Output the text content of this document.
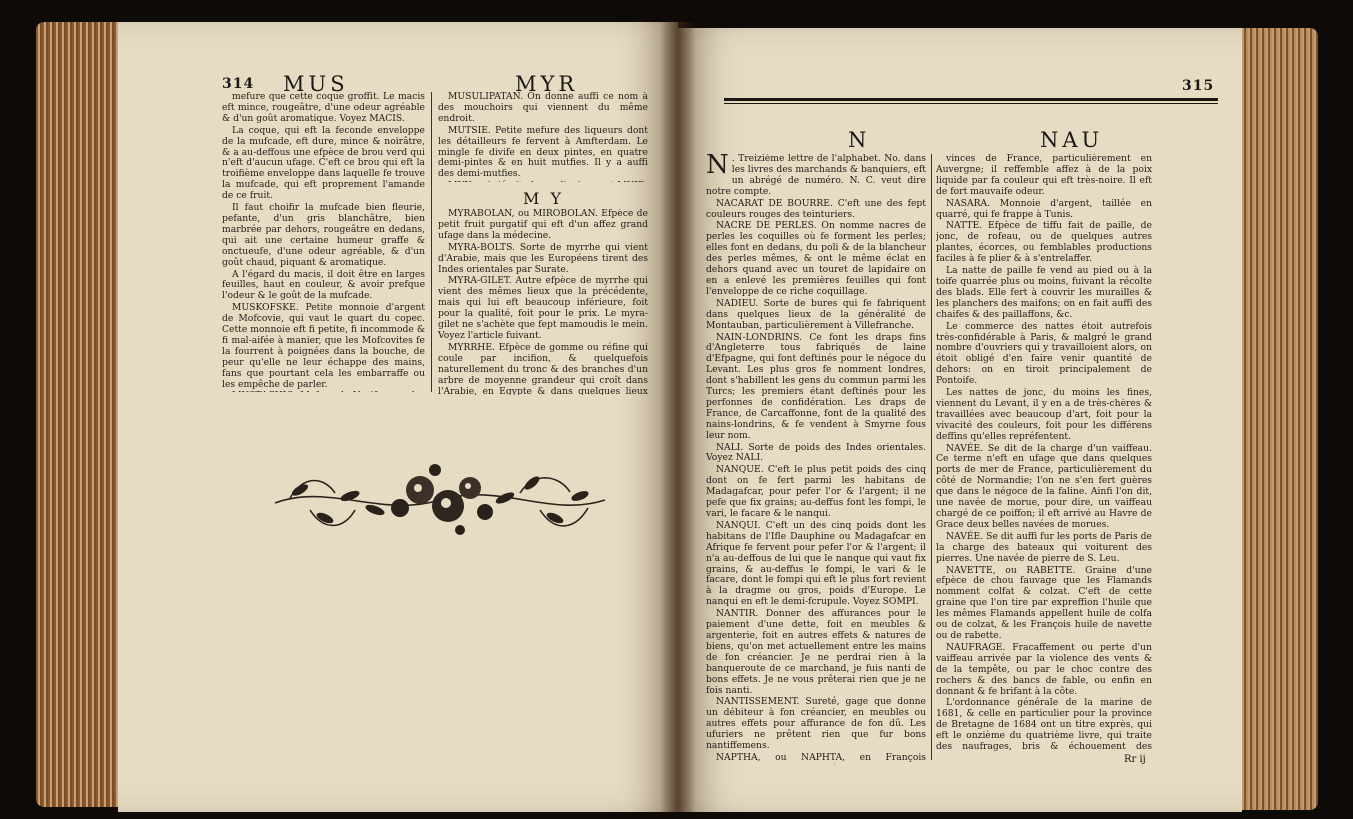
314 MUS	MYR

mefure que cette coque groffit. Le macis eft mince, rougeâtre, d'une odeur agréable & d'un goût aromatique. Voyez MACIS.

La coque, qui eft la feconde enveloppe de la mufcade, eft dure, mince & noirâtre, & a au-deffous une efpèce de brou verd qui n'eft d'aucun ufage. C'eft ce brou qui eft la troifième enveloppe dans laquelle fe trouve la mufcade, qui eft proprement l'amande de ce fruit.

Il faut choifir la mufcade bien fleurie, pefante, d'un gris blanchâtre, bien marbrée par dehors, rougeâtre en dedans, qui ait une certaine humeur graffe & onctueufe, d'une odeur agréable, & d'un goût chaud, piquant & aromatique.

A l'égard du macis, il doit être en larges feuilles, haut en couleur, & avoir prefque l'odeur & le goût de la mufcade.

MUSKOFSKE. Petite monnoie d'argent de Mofcovie, qui vaut le quart du copec. Cette monnoie eft fi petite, fi incommode & fi mal-aifée à manier, que les Mofcovites fe la fourrent à poignées dans la bouche, de peur qu'elle ne leur échappe des mains, fans que pourtant cela les embarraffe ou les empêche de parler.

MUSULIPATAN. On donne auffi ce nom à des mouchoirs qui viennent du même endroit.

MUTSIE. Petite mefure des liqueurs dont les détailleurs fe fervent à Amfterdam. Le mingle fe divife en deux pintes, en quatre demi-pintes & en huit mutfies. Il y a auffi des demi-mutfies.

M Y

MYRABOLAN, ou MIROBOLAN. Efpèce de petit fruit purgatif qui eft d'un affez grand ufage dans la médecine.

MYRA-BOLTS. Sorte de myrrhe qui vient d'Arabie, mais que les Européens tirent des Indes orientales par Surate.

MYRA-GILET. Autre efpèce de myrrhe qui vient des mêmes lieux que la précédente, mais qui lui eft beaucoup inférieure, foit pour la qualité, foit pour le prix. Le myra-gilet ne s'achète que fept mamoudis le mein. Voyez l'article fuivant.

MYRRHE. Efpèce de gomme ou réfine qui coule par incifion, & quelquefois naturellement du tronc & des branches d'un arbre de moyenne grandeur qui croît dans l'Arabie, en Egypte & dans quelques lieux

315
N	NAU

N . Treizième lettre de l'alphabet. No. dans les livres des marchands & banquiers, eft un abrégé de numéro. N. C. veut dire notre compte.

NACARAT DE BOURRE. C'eft une des fept couleurs rouges des teinturiers.

NACRE DE PERLES. On nomme nacres de perles les coquilles où fe forment les perles; elles font en dedans, du poli & de la blancheur des perles mêmes, & ont le même éclat en dehors quand avec un touret de lapidaire on en a enlevé les premières feuilles qui font l'enveloppe de ce riche coquillage.

NADIEU. Sorte de bures qui fe fabriquent dans quelques lieux de la généralité de Montauban, particulièrement à Villefranche.

NAIN-LONDRINS. Ce font les draps fins d'Angleterre tous fabriqués de laine d'Efpagne, qui font deftinés pour le négoce du Levant. Les plus gros fe nomment londres, dont s'habillent les gens du commun parmi les Turcs; les premiers étant deftinés pour les perfonnes de confidération. Les draps de France, de Carcaffonne, font de la qualité des nains-londrins, & fe vendent à Smyrne fous leur nom.

NALI. Sorte de poids des Indes orientales. Voyez NALI.

NANQUE. C'eft le plus petit poids des cinq dont on fe fert parmi les habitans de Madagafcar, pour pefer l'or & l'argent; il ne pefe que fix grains; au-deffus font les fompi, le vari, le facare & le nanqui.

NANQUI. C'eft un des cinq poids dont les habitans de l'Ifle Dauphine ou Madagafcar en Afrique fe fervent pour pefer l'or & l'argent; il n'a au-deffous de lui que le nanque qui vaut fix grains, & au-deffus le fompi, le vari & le facare, dont le fompi qui eft le plus fort revient à la dragme ou gros, poids d'Europe. Le nanqui en eft le demi-fcrupule. Voyez SOMPI.

NANTIR. Donner des affurances pour le paiement d'une dette, foit en meubles & argenterie, foit en autres effets & natures de biens, qu'on met actuellement entre les mains de fon créancier. Je ne perdrai rien à la banqueroute de ce marchand, je fuis nanti de bons effets. Je ne vous prêterai rien que je ne fois nanti.

NANTISSEMENT. Sureté, gage que donne un débiteur à fon créancier, en meubles ou autres effets pour affurance de fon dû. Les ufuriers ne prêtent rien que fur bons nantiffemens.

NAPTHA, ou NAPHTA, en François

vinces de France, particulièrement en Auvergne; il reffemble affez à de la poix liquide par fa couleur qui eft très-noire. Il eft de fort mauvaife odeur.

NASARA. Monnoie d'argent, taillée en quarré, qui fe frappe à Tunis.

NATTE. Efpèce de tiffu fait de paille, de jonc, de rofeau, ou de quelques autres plantes, écorces, ou femblables productions faciles à fe plier & à s'entrelaffer.

La natte de paille fe vend au pied ou à la toife quarrée plus ou moins, fuivant la récolte des blads. Elle fert à couvrir les murailles & les planchers des maifons; on en fait auffi des chaifes & des paillaffons, &c.

Le commerce des nattes étoit autrefois très-confidérable à Paris, & malgré le grand nombre d'ouvriers qui y travailloient alors, on étoit obligé d'en faire venir quantité de dehors: on en tiroit principalement de Pontoife.

Les nattes de jonc, du moins les fines, viennent du Levant, il y en a de très-chères & travaillées avec beaucoup d'art, foit pour la vivacité des couleurs, foit pour les différens deffins qu'elles repréfentent.

NAVÉE. Se dit de la charge d'un vaiffeau. Ce terme n'eft en ufage que dans quelques ports de mer de France, particulièrement du côté de Normandie; l'on ne s'en fert guères que dans le négoce de la faline. Ainfi l'on dit, une navée de morue, pour dire, un vaiffeau chargé de ce poiffon; il eft arrivé au Havre de Grace deux belles navées de morues.

NAVÉE. Se dit auffi fur les ports de Paris de la charge des bateaux qui voiturent des pierres. Une navée de pierre de S. Leu.

NAVETTE, ou RABETTE. Graine d'une efpèce de chou fauvage que les Flamands nomment colfat & colzat. C'eft de cette graine que l'on tire par expreffion l'huile que les mêmes Flamands appellent huile de colfa ou de colzat, & les François huile de navette ou de rabette.

NAUFRAGE. Fracaffement ou perte d'un vaiffeau arrivée par la violence des vents & de la tempête, ou par le choc contre des rochers & des bancs de fable, ou enfin en donnant & fe brifant à la côte.

L'ordonnance générale de la marine de 1681, & celle en particulier pour la province de Bretagne de 1684 ont un titre exprès, qui eft le onzième du quatrième livre, qui traite des naufrages, bris & échouement des

Rr ij
